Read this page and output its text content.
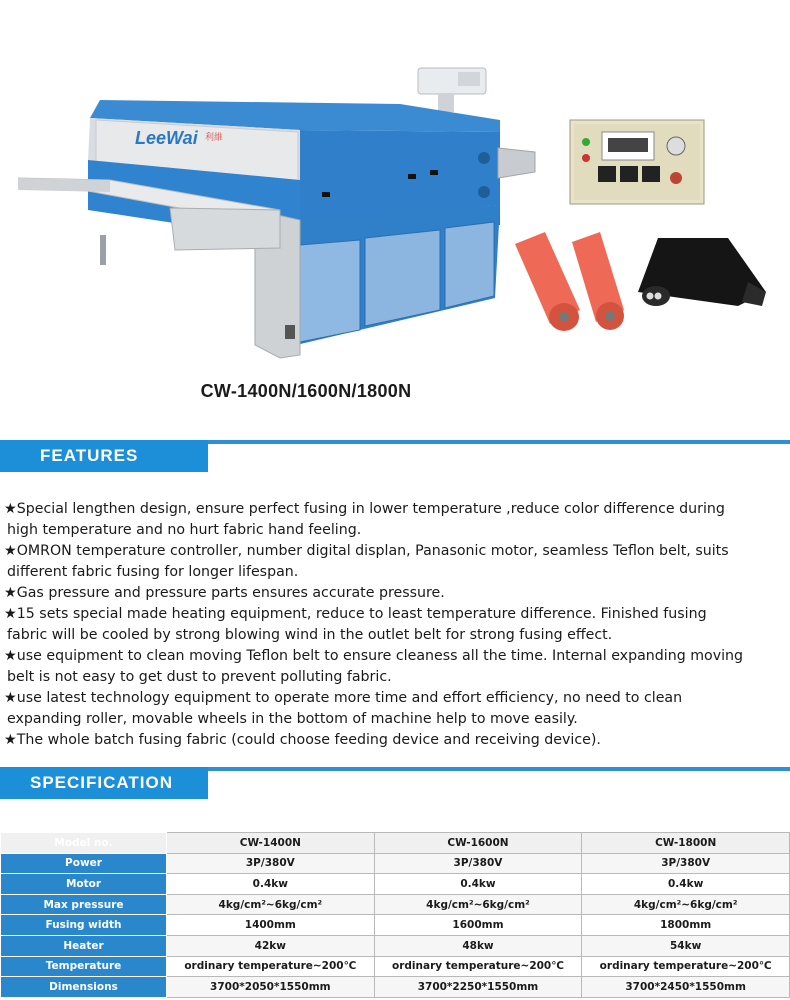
LeeWai 利維
CW-1400N/1600N/1800N
FEATURES
★Special lengthen design, ensure perfect fusing in lower temperature ,reduce color difference during
high temperature and no hurt fabric hand feeling.
★OMRON temperature controller, number digital displan, Panasonic motor, seamless Teflon belt, suits
different fabric fusing for longer lifespan.
★Gas pressure and pressure parts ensures accurate pressure.
★15 sets special made heating equipment, reduce to least temperature difference. Finished fusing
fabric will be cooled by strong blowing wind in the outlet belt for strong fusing effect.
★use equipment to clean moving Teflon belt to ensure cleaness all the time. Internal expanding moving
belt is not easy to get dust to prevent polluting fabric.
★use latest technology equipment to operate more time and effort efficiency, no need to clean
expanding roller, movable wheels in the bottom of machine help to move easily.
★The whole batch fusing fabric (could choose feeding device and receiving device).
SPECIFICATION
Model no.	CW-1400N	CW-1600N	CW-1800N
Power	3P/380V	3P/380V	3P/380V
Motor	0.4kw	0.4kw	0.4kw
Max pressure	4kg/cm²~6kg/cm²	4kg/cm²~6kg/cm²	4kg/cm²~6kg/cm²
Fusing width	1400mm	1600mm	1800mm
Heater	42kw	48kw	54kw
Temperature	ordinary temperature~200℃	ordinary temperature~200℃	ordinary temperature~200℃
Dimensions	3700*2050*1550mm	3700*2250*1550mm	3700*2450*1550mm
